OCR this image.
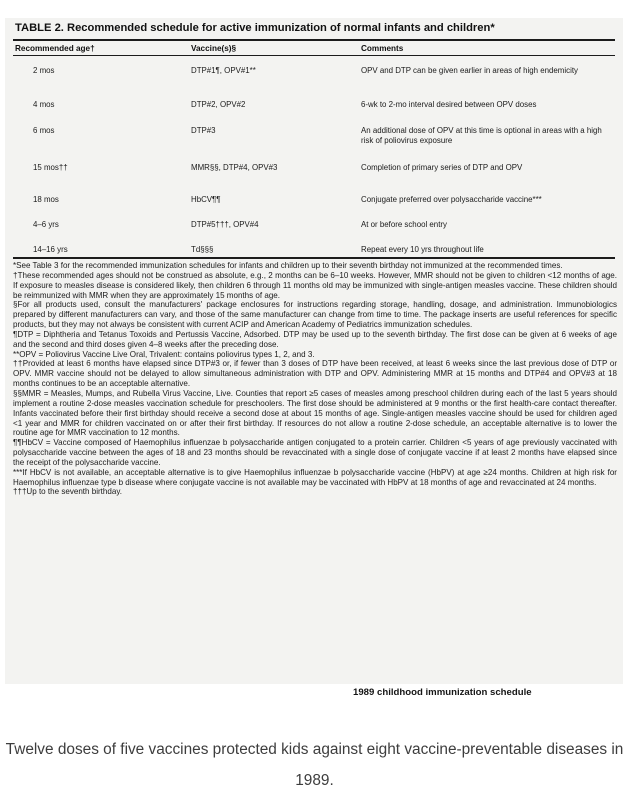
TABLE 2. Recommended schedule for active immunization of normal infants and children*
Recommended age†	Vaccine(s)§	Comments
2 mos	DTP#1¶, OPV#1**	OPV and DTP can be given earlier in areas of high endemicity
4 mos	DTP#2, OPV#2	6-wk to 2-mo interval desired between OPV doses
6 mos	DTP#3	An additional dose of OPV at this time is optional in areas with a high risk of poliovirus exposure
15 mos††	MMR§§, DTP#4, OPV#3	Completion of primary series of DTP and OPV
18 mos	HbCV¶¶	Conjugate preferred over polysaccharide vaccine***
4–6 yrs	DTP#5†††, OPV#4	At or before school entry
14–16 yrs	Td§§§	Repeat every 10 yrs throughout life

*See Table 3 for the recommended immunization schedules for infants and children up to their seventh birthday not immunized at the recommended times.

†These recommended ages should not be construed as absolute, e.g., 2 months can be 6–10 weeks. However, MMR should not be given to children <12 months of age. If exposure to measles disease is considered likely, then children 6 through 11 months old may be immunized with single-antigen measles vaccine. These children should be reimmunized with MMR when they are approximately 15 months of age.

§For all products used, consult the manufacturers' package enclosures for instructions regarding storage, handling, dosage, and administration. Immunobiologics prepared by different manufacturers can vary, and those of the same manufacturer can change from time to time. The package inserts are useful references for specific products, but they may not always be consistent with current ACIP and American Academy of Pediatrics immunization schedules.

¶DTP = Diphtheria and Tetanus Toxoids and Pertussis Vaccine, Adsorbed. DTP may be used up to the seventh birthday. The first dose can be given at 6 weeks of age and the second and third doses given 4–8 weeks after the preceding dose.

**OPV = Poliovirus Vaccine Live Oral, Trivalent: contains poliovirus types 1, 2, and 3.

††Provided at least 6 months have elapsed since DTP#3 or, if fewer than 3 doses of DTP have been received, at least 6 weeks since the last previous dose of DTP or OPV. MMR vaccine should not be delayed to allow simultaneous administration with DTP and OPV. Administering MMR at 15 months and DTP#4 and OPV#3 at 18 months continues to be an acceptable alternative.

§§MMR = Measles, Mumps, and Rubella Virus Vaccine, Live. Counties that report ≥5 cases of measles among preschool children during each of the last 5 years should implement a routine 2-dose measles vaccination schedule for preschoolers. The first dose should be administered at 9 months or the first health-care contact thereafter. Infants vaccinated before their first birthday should receive a second dose at about 15 months of age. Single-antigen measles vaccine should be used for children aged <1 year and MMR for children vaccinated on or after their first birthday. If resources do not allow a routine 2-dose schedule, an acceptable alternative is to lower the routine age for MMR vaccination to 12 months.

¶¶HbCV = Vaccine composed of Haemophilus influenzae b polysaccharide antigen conjugated to a protein carrier. Children <5 years of age previously vaccinated with polysaccharide vaccine between the ages of 18 and 23 months should be revaccinated with a single dose of conjugate vaccine if at least 2 months have elapsed since the receipt of the polysaccharide vaccine.

***If HbCV is not available, an acceptable alternative is to give Haemophilus influenzae b polysaccharide vaccine (HbPV) at age ≥24 months. Children at high risk for Haemophilus influenzae type b disease where conjugate vaccine is not available may be vaccinated with HbPV at 18 months of age and revaccinated at 24 months.

†††Up to the seventh birthday.

1989 childhood immunization schedule
Twelve doses of five vaccines protected kids against eight vaccine-preventable diseases in 1989.
